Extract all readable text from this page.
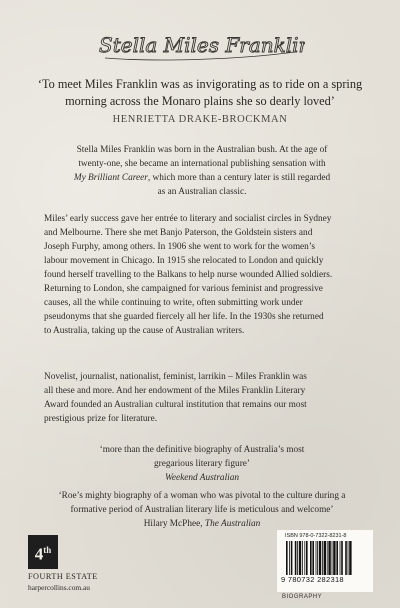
Stella Miles Franklin
‘To meet Miles Franklin was as invigorating as to ride on a spring
morning across the Monaro plains she so dearly loved’
HENRIETTA DRAKE-BROCKMAN
Stella Miles Franklin was born in the Australian bush. At the age of
twenty-one, she became an international publishing sensation with
My Brilliant Career, which more than a century later is still regarded
as an Australian classic.
Miles’ early success gave her entrée to literary and socialist circles in Sydney
and Melbourne. There she met Banjo Paterson, the Goldstein sisters and
Joseph Furphy, among others. In 1906 she went to work for the women’s
labour movement in Chicago. In 1915 she relocated to London and quickly
found herself travelling to the Balkans to help nurse wounded Allied soldiers.
Returning to London, she campaigned for various feminist and progressive
causes, all the while continuing to write, often submitting work under
pseudonyms that she guarded fiercely all her life. In the 1930s she returned
to Australia, taking up the cause of Australian writers.
Novelist, journalist, nationalist, feminist, larrikin – Miles Franklin was
all these and more. And her endowment of the Miles Franklin Literary
Award founded an Australian cultural institution that remains our most
prestigious prize for literature.
‘more than the definitive biography of Australia’s most
gregarious literary figure’
Weekend Australian
‘Roe’s mighty biography of a woman who was pivotal to the culture during a
formative period of Australian literary life is meticulous and welcome’
Hilary McPhee, The Australian
4th
FOURTH ESTATE
harpercollins.com.au
ISBN 978-0-7322-8231-8
9 780732 282318
BIOGRAPHY
